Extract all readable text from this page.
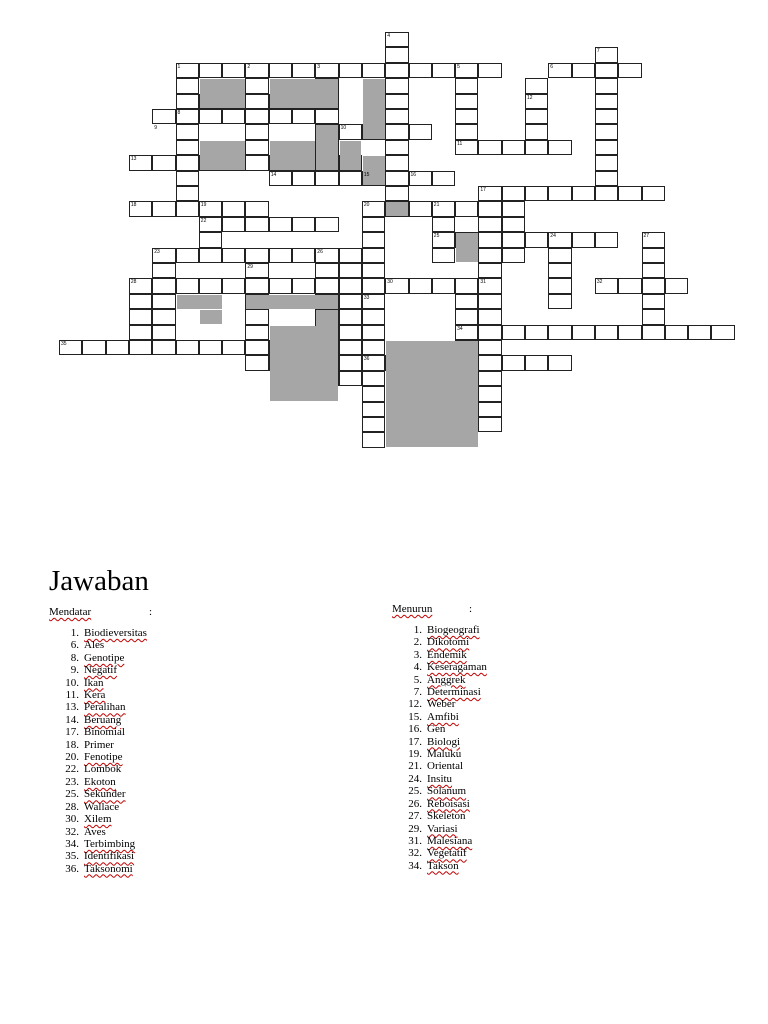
4
7
1	2	3	5	6
12
8
9	10
11
13
14	15	16
17
18	19	20	21
22
24
25	27
23	26
29
28	30	31	32
33
34
35
36
Jawaban
Mendatar	:
1. Biodieversitas
6. Ales
8. Genotipe
9. Negatif
10. Ikan
11. Kera
13. Peralihan
14. Beruang
17. Binomial
18. Primer
20. Fenotipe
22. Lombok
23. Ekoton
25. Sekunder
28. Wallace
30. Xilem
32. Aves
34. Terbimbing
35. Identifikasi
36. Taksonomi
Menurun	:
1. Biogeografi
2. Dikotomi
3. Endemik
4. Keseragaman
5. Anggrek
7. Determinasi
12. Weber
15. Amfibi
16. Gen
17. Biologi
19. Maluku
21. Oriental
24. Insitu
25. Solanum
26. Reboisasi
27. Skeleton
29. Variasi
31. Malesiana
32. Vegetatif
34. Takson
